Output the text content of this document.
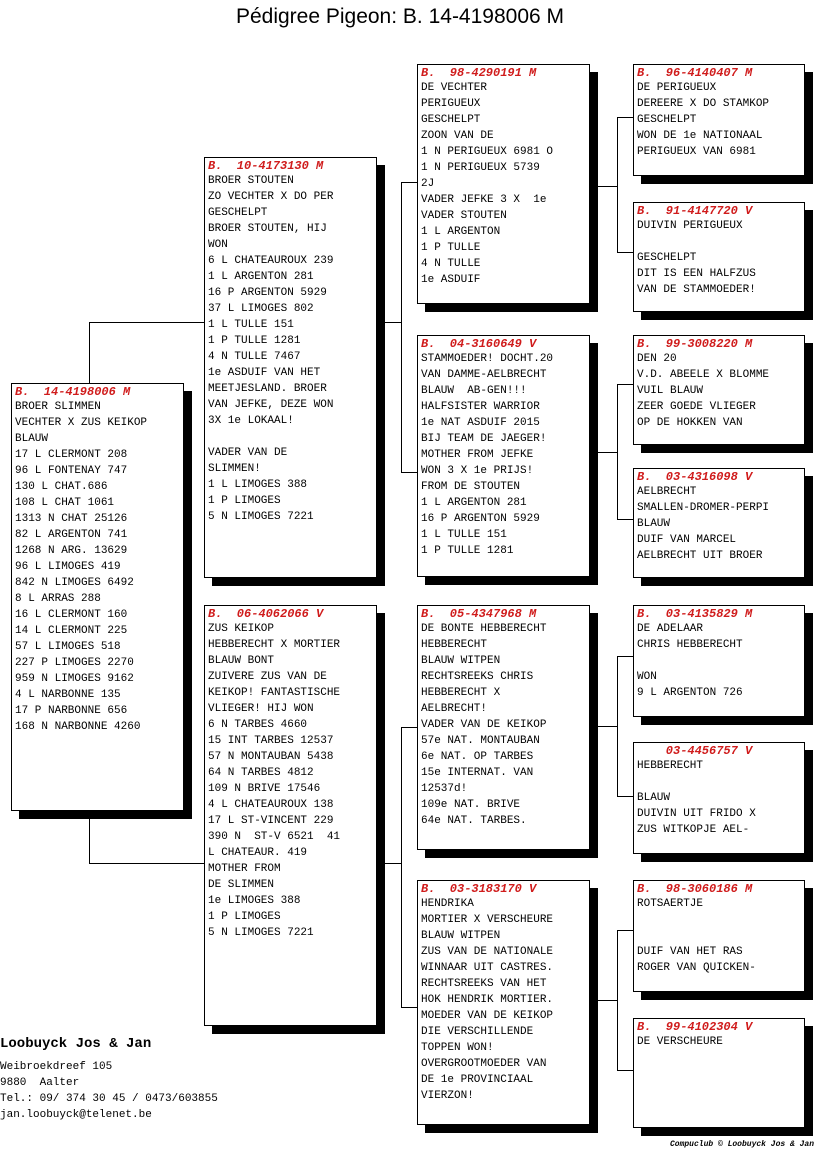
Pédigree Pigeon: B. 14-4198006 M
B.  14-4198006 M
BROER SLIMMEN
VECHTER X ZUS KEIKOP
BLAUW
17 L CLERMONT 208
96 L FONTENAY 747
130 L CHAT.686
108 L CHAT 1061
1313 N CHAT 25126
82 L ARGENTON 741
1268 N ARG. 13629
96 L LIMOGES 419
842 N LIMOGES 6492
8 L ARRAS 288
16 L CLERMONT 160
14 L CLERMONT 225
57 L LIMOGES 518
227 P LIMOGES 2270
959 N LIMOGES 9162
4 L NARBONNE 135
17 P NARBONNE 656
168 N NARBONNE 4260
B.  10-4173130 M
BROER STOUTEN
ZO VECHTER X DO PER
GESCHELPT
BROER STOUTEN, HIJ
WON
6 L CHATEAUROUX 239
1 L ARGENTON 281
16 P ARGENTON 5929
37 L LIMOGES 802
1 L TULLE 151
1 P TULLE 1281
4 N TULLE 7467
1e ASDUIF VAN HET
MEETJESLAND. BROER
VAN JEFKE, DEZE WON
3X 1e LOKAAL!
VADER VAN DE
SLIMMEN!
1 L LIMOGES 388
1 P LIMOGES
5 N LIMOGES 7221
B.  06-4062066 V
ZUS KEIKOP
HEBBERECHT X MORTIER
BLAUW BONT
ZUIVERE ZUS VAN DE
KEIKOP! FANTASTISCHE
VLIEGER! HIJ WON
6 N TARBES 4660
15 INT TARBES 12537
57 N MONTAUBAN 5438
64 N TARBES 4812
109 N BRIVE 17546
4 L CHATEAUROUX 138
17 L ST-VINCENT 229
390 N  ST-V 6521  41
L CHATEAUR. 419
MOTHER FROM
DE SLIMMEN
1e LIMOGES 388
1 P LIMOGES
5 N LIMOGES 7221
B.  98-4290191 M
DE VECHTER
PERIGUEUX
GESCHELPT
ZOON VAN DE
1 N PERIGUEUX 6981 O
1 N PERIGUEUX 5739
2J
VADER JEFKE 3 X  1e
VADER STOUTEN
1 L ARGENTON
1 P TULLE
4 N TULLE
1e ASDUIF
B.  04-3160649 V
STAMMOEDER! DOCHT.20
VAN DAMME-AELBRECHT
BLAUW  AB-GEN!!!
HALFSISTER WARRIOR
1e NAT ASDUIF 2015
BIJ TEAM DE JAEGER!
MOTHER FROM JEFKE
WON 3 X 1e PRIJS!
FROM DE STOUTEN
1 L ARGENTON 281
16 P ARGENTON 5929
1 L TULLE 151
1 P TULLE 1281
B.  05-4347968 M
DE BONTE HEBBERECHT
HEBBERECHT
BLAUW WITPEN
RECHTSREEKS CHRIS
HEBBERECHT X
AELBRECHT!
VADER VAN DE KEIKOP
57e NAT. MONTAUBAN
6e NAT. OP TARBES
15e INTERNAT. VAN
12537d!
109e NAT. BRIVE
64e NAT. TARBES.
B.  03-3183170 V
HENDRIKA
MORTIER X VERSCHEURE
BLAUW WITPEN
ZUS VAN DE NATIONALE
WINNAAR UIT CASTRES.
RECHTSREEKS VAN HET
HOK HENDRIK MORTIER.
MOEDER VAN DE KEIKOP
DIE VERSCHILLENDE
TOPPEN WON!
OVERGROOTMOEDER VAN
DE 1e PROVINCIAAL
VIERZON!
B.  96-4140407 M
DE PERIGUEUX
DEREERE X DO STAMKOP
GESCHELPT
WON DE 1e NATIONAAL
PERIGUEUX VAN 6981
B.  91-4147720 V
DUIVIN PERIGUEUX
GESCHELPT
DIT IS EEN HALFZUS
VAN DE STAMMOEDER!
B.  99-3008220 M
DEN 20
V.D. ABEELE X BLOMME
VUIL BLAUW
ZEER GOEDE VLIEGER
OP DE HOKKEN VAN
B.  03-4316098 V
AELBRECHT
SMALLEN-DROMER-PERPI
BLAUW
DUIF VAN MARCEL
AELBRECHT UIT BROER
B.  03-4135829 M
DE ADELAAR
CHRIS HEBBERECHT
WON
9 L ARGENTON 726
03-4456757 V
HEBBERECHT
BLAUW
DUIVIN UIT FRIDO X
ZUS WITKOPJE AEL-
B.  98-3060186 M
ROTSAERTJE
DUIF VAN HET RAS
ROGER VAN QUICKEN-
B.  99-4102304 V
DE VERSCHEURE
Loobuyck Jos & Jan
Weibroekdreef 105
9880  Aalter
Tel.: 09/ 374 30 45 / 0473/603855
jan.loobuyck@telenet.be
Compuclub © Loobuyck Jos & Jan
